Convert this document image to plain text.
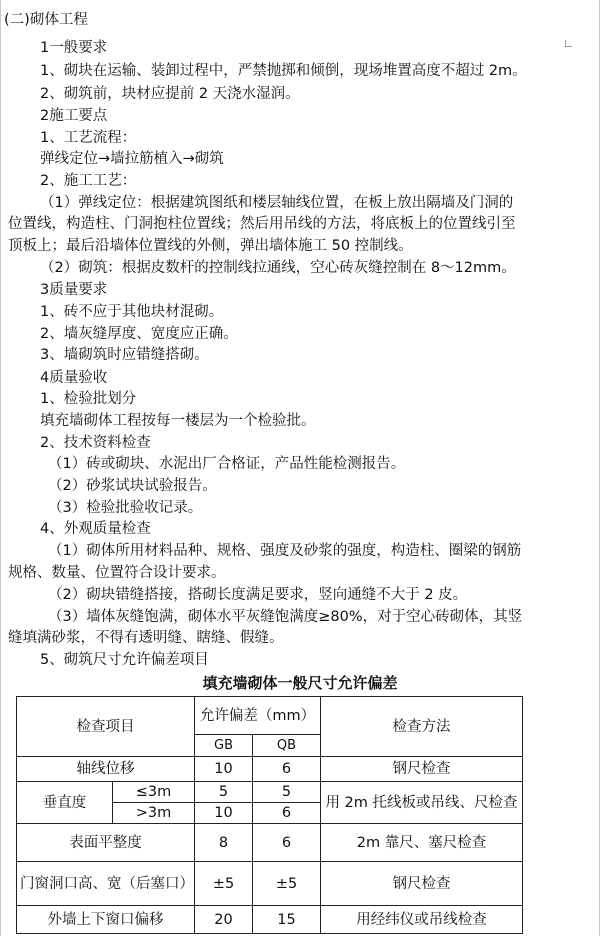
(二)砌体工程
1一般要求
1、砌块在运输、装卸过程中，严禁抛掷和倾倒，现场堆置高度不超过 2m。
2、砌筑前，块材应提前 2 天浇水湿润。
2施工要点
1、工艺流程：
弹线定位→墙拉筋植入→砌筑
2、施工工艺：
（1）弹线定位：根据建筑图纸和楼层轴线位置，在板上放出隔墙及门洞的
位置线，构造柱、门洞抱柱位置线；然后用吊线的方法，将底板上的位置线引至
顶板上；最后沿墙体位置线的外侧，弹出墙体施工 50 控制线。
（2）砌筑：根据皮数杆的控制线拉通线，空心砖灰缝控制在 8～12mm。
3质量要求
1、砖不应于其他块材混砌。
2、墙灰缝厚度、宽度应正确。
3、墙砌筑时应错缝搭砌。
4质量验收
1、检验批划分
填充墙砌体工程按每一楼层为一个检验批。
2、技术资料检查
（1）砖或砌块、水泥出厂合格证，产品性能检测报告。
（2）砂浆试块试验报告。
（3）检验批验收记录。
4、外观质量检查
（1）砌体所用材料品种、规格、强度及砂浆的强度，构造柱、圈梁的钢筋
规格、数量、位置符合设计要求。
（2）砌块错缝搭接，搭砌长度满足要求，竖向通缝不大于 2 皮。
（3）墙体灰缝饱满，砌体水平灰缝饱满度≥80%，对于空心砖砌体，其竖
缝填满砂浆，不得有透明缝、瞎缝、假缝。
5、砌筑尺寸允许偏差项目
填充墙砌体一般尺寸允许偏差
检查项目		允许偏差（mm）		检查方法
		GB	QB	
轴线位移		10	6	钢尺检查
垂直度	≤3m	5	5	用 2m 托线板或吊线、尺检查
	>3m	10	6	
表面平整度		8	6	2m 靠尺、塞尺检查
门窗洞口高、宽（后塞口）		±5	±5	钢尺检查
外墙上下窗口偏移		20	15	用经纬仪或吊线检查
